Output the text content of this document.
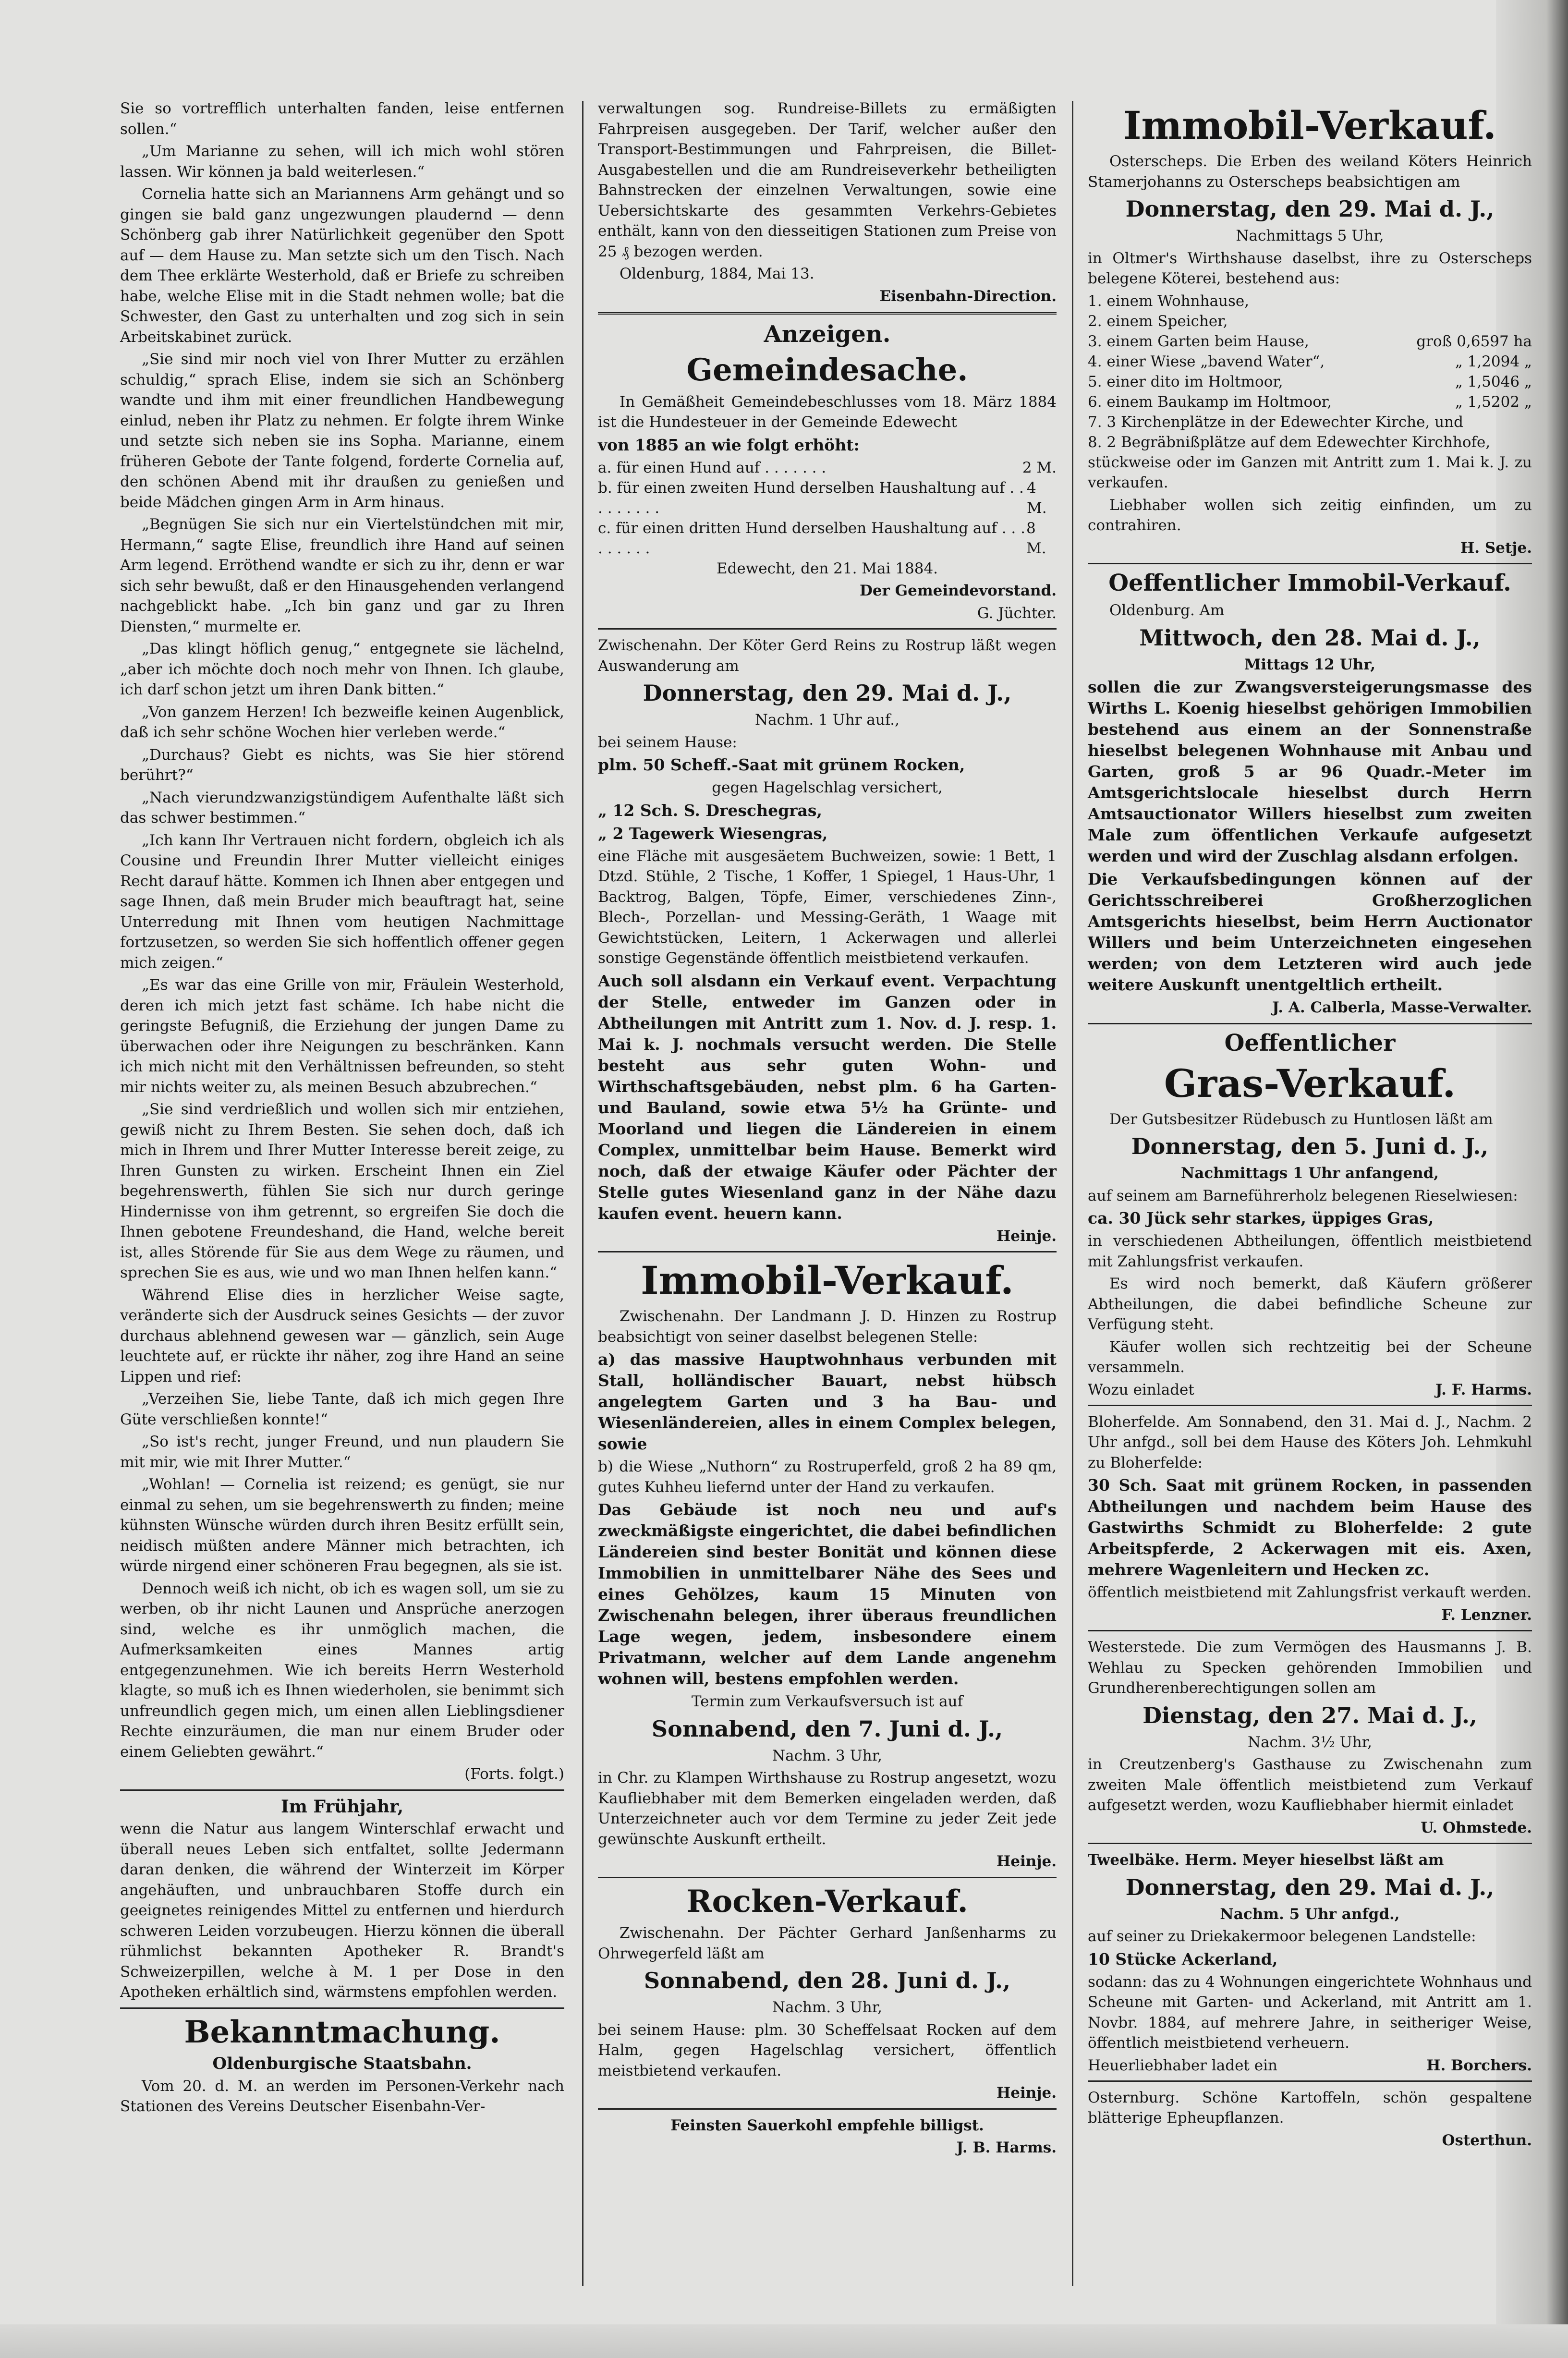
Sie so vortrefflich unterhalten fanden, leise entfernen sollen.“

„Um Marianne zu sehen, will ich mich wohl stören lassen. Wir können ja bald weiterlesen.“

Cornelia hatte sich an Mariannens Arm gehängt und so gingen sie bald ganz ungezwungen plaudernd — denn Schönberg gab ihrer Natürlichkeit gegenüber den Spott auf — dem Hause zu. Man setzte sich um den Tisch. Nach dem Thee erklärte Westerhold, daß er Briefe zu schreiben habe, welche Elise mit in die Stadt nehmen wolle; bat die Schwester, den Gast zu unterhalten und zog sich in sein Arbeitskabinet zurück.

„Sie sind mir noch viel von Ihrer Mutter zu erzählen schuldig,“ sprach Elise, indem sie sich an Schönberg wandte und ihm mit einer freundlichen Handbewegung einlud, neben ihr Platz zu nehmen. Er folgte ihrem Winke und setzte sich neben sie ins Sopha. Marianne, einem früheren Gebote der Tante folgend, forderte Cornelia auf, den schönen Abend mit ihr draußen zu genießen und beide Mädchen gingen Arm in Arm hinaus.

„Begnügen Sie sich nur ein Viertelstündchen mit mir, Hermann,“ sagte Elise, freundlich ihre Hand auf seinen Arm legend. Erröthend wandte er sich zu ihr, denn er war sich sehr bewußt, daß er den Hinausgehenden verlangend nachgeblickt habe. „Ich bin ganz und gar zu Ihren Diensten,“ murmelte er.

„Das klingt höflich genug,“ entgegnete sie lächelnd, „aber ich möchte doch noch mehr von Ihnen. Ich glaube, ich darf schon jetzt um ihren Dank bitten.“

„Von ganzem Herzen! Ich bezweifle keinen Augenblick, daß ich sehr schöne Wochen hier verleben werde.“

„Durchaus? Giebt es nichts, was Sie hier störend berührt?“

„Nach vierundzwanzigstündigem Aufenthalte läßt sich das schwer bestimmen.“

„Ich kann Ihr Vertrauen nicht fordern, obgleich ich als Cousine und Freundin Ihrer Mutter vielleicht einiges Recht darauf hätte. Kommen ich Ihnen aber entgegen und sage Ihnen, daß mein Bruder mich beauftragt hat, seine Unterredung mit Ihnen vom heutigen Nachmittage fortzusetzen, so werden Sie sich hoffentlich offener gegen mich zeigen.“

„Es war das eine Grille von mir, Fräulein Westerhold, deren ich mich jetzt fast schäme. Ich habe nicht die geringste Befugniß, die Erziehung der jungen Dame zu überwachen oder ihre Neigungen zu beschränken. Kann ich mich nicht mit den Verhältnissen befreunden, so steht mir nichts weiter zu, als meinen Besuch abzubrechen.“

„Sie sind verdrießlich und wollen sich mir entziehen, gewiß nicht zu Ihrem Besten. Sie sehen doch, daß ich mich in Ihrem und Ihrer Mutter Interesse bereit zeige, zu Ihren Gunsten zu wirken. Erscheint Ihnen ein Ziel begehrenswerth, fühlen Sie sich nur durch geringe Hindernisse von ihm getrennt, so ergreifen Sie doch die Ihnen gebotene Freundeshand, die Hand, welche bereit ist, alles Störende für Sie aus dem Wege zu räumen, und sprechen Sie es aus, wie und wo man Ihnen helfen kann.“

Während Elise dies in herzlicher Weise sagte, veränderte sich der Ausdruck seines Gesichts — der zuvor durchaus ablehnend gewesen war — gänzlich, sein Auge leuchtete auf, er rückte ihr näher, zog ihre Hand an seine Lippen und rief:

„Verzeihen Sie, liebe Tante, daß ich mich gegen Ihre Güte verschließen konnte!“

„So ist's recht, junger Freund, und nun plaudern Sie mit mir, wie mit Ihrer Mutter.“

„Wohlan! — Cornelia ist reizend; es genügt, sie nur einmal zu sehen, um sie begehrenswerth zu finden; meine kühnsten Wünsche würden durch ihren Besitz erfüllt sein, neidisch müßten andere Männer mich betrachten, ich würde nirgend einer schöneren Frau begegnen, als sie ist.

Dennoch weiß ich nicht, ob ich es wagen soll, um sie zu werben, ob ihr nicht Launen und Ansprüche anerzogen sind, welche es ihr unmöglich machen, die Aufmerksamkeiten eines Mannes artig entgegenzunehmen. Wie ich bereits Herrn Westerhold klagte, so muß ich es Ihnen wiederholen, sie benimmt sich unfreundlich gegen mich, um einen allen Lieblingsdiener Rechte einzuräumen, die man nur einem Bruder oder einem Geliebten gewährt.“

(Forts. folgt.)

Im Frühjahr,

wenn die Natur aus langem Winterschlaf erwacht und überall neues Leben sich entfaltet, sollte Jedermann daran denken, die während der Winterzeit im Körper angehäuften, und unbrauchbaren Stoffe durch ein geeignetes reinigendes Mittel zu entfernen und hierdurch schweren Leiden vorzubeugen. Hierzu können die überall rühmlichst bekannten Apotheker R. Brandt's Schweizerpillen, welche à M. 1 per Dose in den Apotheken erhältlich sind, wärmstens empfohlen werden.

Bekanntmachung.

Oldenburgische Staatsbahn.

Vom 20. d. M. an werden im Personen-Verkehr nach Stationen des Vereins Deutscher Eisenbahn-Ver-

verwaltungen sog. Rundreise-Billets zu ermäßigten Fahrpreisen ausgegeben. Der Tarif, welcher außer den Transport-Bestimmungen und Fahrpreisen, die Billet-Ausgabestellen und die am Rundreiseverkehr betheiligten Bahnstrecken der einzelnen Verwaltungen, sowie eine Uebersichtskarte des gesammten Verkehrs-Gebietes enthält, kann von den diesseitigen Stationen zum Preise von 25 ₰ bezogen werden.

Oldenburg, 1884, Mai 13.

Eisenbahn-Direction.

Anzeigen.
Gemeindesache.

In Gemäßheit Gemeindebeschlusses vom 18. März 1884 ist die Hundesteuer in der Gemeinde Edewecht

von 1885 an wie folgt erhöht:

a. für einen Hund auf . . . . . . .	2 M.
b. für einen zweiten Hund derselben Haushaltung auf . . . . . . . . .
4 M.
c. für einen dritten Hund derselben Haushaltung auf . . . . . . . . .
8 M.

Edewecht, den 21. Mai 1884.

Der Gemeindevorstand.

G. Jüchter.

Zwischenahn. Der Köter Gerd Reins zu Rostrup läßt wegen Auswanderung am

Donnerstag, den 29. Mai d. J.,

Nachm. 1 Uhr auf.,

bei seinem Hause:

plm. 50 Scheff.-Saat mit grünem Rocken,

gegen Hagelschlag versichert,

„ 12 Sch. S. Dreschegras,

„ 2 Tagewerk Wiesengras,

eine Fläche mit ausgesäetem Buchweizen, sowie: 1 Bett, 1 Dtzd. Stühle, 2 Tische, 1 Koffer, 1 Spiegel, 1 Haus-Uhr, 1 Backtrog, Balgen, Töpfe, Eimer, verschiedenes Zinn-, Blech-, Porzellan- und Messing-Geräth, 1 Waage mit Gewichtstücken, Leitern, 1 Ackerwagen und allerlei sonstige Gegenstände öffentlich meistbietend verkaufen.

Auch soll alsdann ein Verkauf event. Verpachtung der Stelle, entweder im Ganzen oder in Abtheilungen mit Antritt zum 1. Nov. d. J. resp. 1. Mai k. J. nochmals versucht werden. Die Stelle besteht aus sehr guten Wohn- und Wirthschaftsgebäuden, nebst plm. 6 ha Garten- und Bauland, sowie etwa 5½ ha Grünte- und Moorland und liegen die Ländereien in einem Complex, unmittelbar beim Hause. Bemerkt wird noch, daß der etwaige Käufer oder Pächter der Stelle gutes Wiesenland ganz in der Nähe dazu kaufen event. heuern kann.

Heinje.

Immobil-Verkauf.

Zwischenahn. Der Landmann J. D. Hinzen zu Rostrup beabsichtigt von seiner daselbst belegenen Stelle:

a) das massive Hauptwohnhaus verbunden mit Stall, holländischer Bauart, nebst hübsch angelegtem Garten und 3 ha Bau- und Wiesenländereien, alles in einem Complex belegen, sowie

b) die Wiese „Nuthorn“ zu Rostruperfeld, groß 2 ha 89 qm, gutes Kuhheu liefernd unter der Hand zu verkaufen.

Das Gebäude ist noch neu und auf's zweckmäßigste eingerichtet, die dabei befindlichen Ländereien sind bester Bonität und können diese Immobilien in unmittelbarer Nähe des Sees und eines Gehölzes, kaum 15 Minuten von Zwischenahn belegen, ihrer überaus freundlichen Lage wegen, jedem, insbesondere einem Privatmann, welcher auf dem Lande angenehm wohnen will, bestens empfohlen werden.

Termin zum Verkaufsversuch ist auf

Sonnabend, den 7. Juni d. J.,

Nachm. 3 Uhr,

in Chr. zu Klampen Wirthshause zu Rostrup angesetzt, wozu Kaufliebhaber mit dem Bemerken eingeladen werden, daß Unterzeichneter auch vor dem Termine zu jeder Zeit jede gewünschte Auskunft ertheilt.

Heinje.

Rocken-Verkauf.

Zwischenahn. Der Pächter Gerhard Janßenharms zu Ohrwegerfeld läßt am

Sonnabend, den 28. Juni d. J.,

Nachm. 3 Uhr,

bei seinem Hause: plm. 30 Scheffelsaat Rocken auf dem Halm, gegen Hagelschlag versichert, öffentlich meistbietend verkaufen.

Heinje.

Feinsten Sauerkohl empfehle billigst.

J. B. Harms.

Immobil-Verkauf.

Osterscheps. Die Erben des weiland Köters Heinrich Stamerjohanns zu Osterscheps beabsichtigen am

Donnerstag, den 29. Mai d. J.,

Nachmittags 5 Uhr,

in Oltmer's Wirthshause daselbst, ihre zu Osterscheps belegene Köterei, bestehend aus:

1. einem Wohnhause,
2. einem Speicher,
3. einem Garten beim Hause,	groß 0,6597 ha
4. einer Wiese „bavend Water“,	„ 1,2094 „
5. einer dito im Holtmoor,	„ 1,5046 „
6. einem Baukamp im Holtmoor,	„ 1,5202 „
7. 3 Kirchenplätze in der Edewechter Kirche, und
8. 2 Begräbnißplätze auf dem Edewechter Kirchhofe,

stückweise oder im Ganzen mit Antritt zum 1. Mai k. J. zu verkaufen.

Liebhaber wollen sich zeitig einfinden, um zu contrahiren.

H. Setje.

Oeffentlicher Immobil-Verkauf.

Oldenburg. Am

Mittwoch, den 28. Mai d. J.,

Mittags 12 Uhr,

sollen die zur Zwangsversteigerungsmasse des Wirths L. Koenig hieselbst gehörigen Immobilien bestehend aus einem an der Sonnenstraße hieselbst belegenen Wohnhause mit Anbau und Garten, groß 5 ar 96 Quadr.-Meter im Amtsgerichtslocale hieselbst durch Herrn Amtsauctionator Willers hieselbst zum zweiten Male zum öffentlichen Verkaufe aufgesetzt werden und wird der Zuschlag alsdann erfolgen.

Die Verkaufsbedingungen können auf der Gerichtsschreiberei Großherzoglichen Amtsgerichts hieselbst, beim Herrn Auctionator Willers und beim Unterzeichneten eingesehen werden; von dem Letzteren wird auch jede weitere Auskunft unentgeltlich ertheilt.

J. A. Calberla, Masse-Verwalter.

Oeffentlicher
Gras-Verkauf.

Der Gutsbesitzer Rüdebusch zu Huntlosen läßt am

Donnerstag, den 5. Juni d. J.,

Nachmittags 1 Uhr anfangend,

auf seinem am Barneführerholz belegenen Rieselwiesen:

ca. 30 Jück sehr starkes, üppiges Gras,

in verschiedenen Abtheilungen, öffentlich meistbietend mit Zahlungsfrist verkaufen.

Es wird noch bemerkt, daß Käufern größerer Abtheilungen, die dabei befindliche Scheune zur Verfügung steht.

Käufer wollen sich rechtzeitig bei der Scheune versammeln.

Wozu einladet	J. F. Harms.

Bloherfelde. Am Sonnabend, den 31. Mai d. J., Nachm. 2 Uhr anfgd., soll bei dem Hause des Köters Joh. Lehmkuhl zu Bloherfelde:

30 Sch. Saat mit grünem Rocken, in passenden Abtheilungen und nachdem beim Hause des Gastwirths Schmidt zu Bloherfelde: 2 gute Arbeitspferde, 2 Ackerwagen mit eis. Axen, mehrere Wagenleitern und Hecken zc.

öffentlich meistbietend mit Zahlungsfrist verkauft werden.

F. Lenzner.

Westerstede. Die zum Vermögen des Hausmanns J. B. Wehlau zu Specken gehörenden Immobilien und Grundherenberechtigungen sollen am

Dienstag, den 27. Mai d. J.,

Nachm. 3½ Uhr,

in Creutzenberg's Gasthause zu Zwischenahn zum zweiten Male öffentlich meistbietend zum Verkauf aufgesetzt werden, wozu Kaufliebhaber hiermit einladet

U. Ohmstede.

Tweelbäke. Herm. Meyer hieselbst läßt am

Donnerstag, den 29. Mai d. J.,

Nachm. 5 Uhr anfgd.,

auf seiner zu Driekakermoor belegenen Landstelle:

10 Stücke Ackerland,

sodann: das zu 4 Wohnungen eingerichtete Wohnhaus und Scheune mit Garten- und Ackerland, mit Antritt am 1. Novbr. 1884, auf mehrere Jahre, in seitheriger Weise, öffentlich meistbietend verheuern.

Heuerliebhaber ladet ein	H. Borchers.

Osternburg. Schöne Kartoffeln, schön gespaltene blätterige Epheupflanzen.

Osterthun.
